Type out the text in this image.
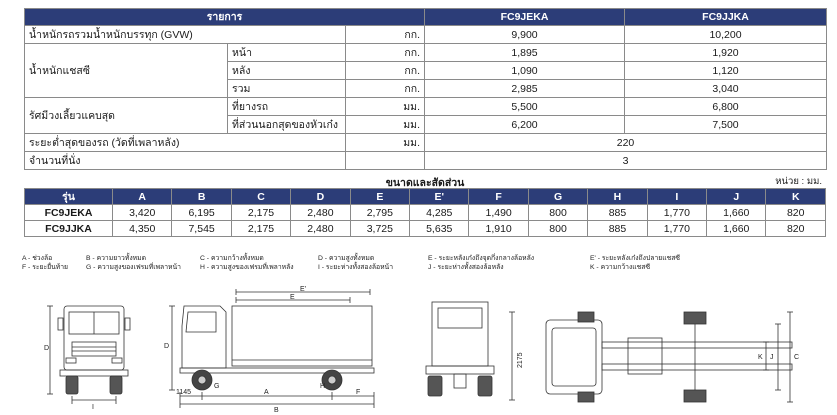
รายการ			FC9JEKA	FC9JJKA
น้ำหนักรถรวมน้ำหนักบรรทุก (GVW)		กก.	9,900	10,200
น้ำหนักแชสซี	หน้า	กก.	1,895	1,920
	หลัง	กก.	1,090	1,120
	รวม	กก.	2,985	3,040
รัศมีวงเลี้ยวแคบสุด	ที่ยางรถ	มม.	5,500	6,800
	ที่ส่วนนอกสุดของหัวเก๋ง	มม.	6,200	7,500
ระยะต่ำสุดของรถ (วัดที่เพลาหลัง)		มม.	220	
จำนวนที่นั่ง			3	
ขนาดและสัดส่วน	หน่วย : มม.
รุ่น	A	B	C	D	E	E'	F	G	H	I	J	K
FC9JEKA	3,420	6,195	2,175	2,480	2,795	4,285	1,490	800	885	1,770	1,660	820
FC9JJKA	4,350	7,545	2,175	2,480	3,725	5,635	1,910	800	885	1,770	1,660	820
A - ช่วงล้อ
F - ระยะยื่นท้าย
B - ความยาวทั้งหมด
G - ความสูงของเฟรมที่เพลาหน้า
C - ความกว้างทั้งหมด
H - ความสูงของเฟรมที่เพลาหลัง
D - ความสูงทั้งหมด
I - ระยะห่างทั้งสองล้อหน้า
E - ระยะหลังเก๋งถึงจุดกึ่งกลางล้อหลัง
J - ระยะห่างทั้งสองล้อหลัง
E' - ระยะหลังเก๋งถึงปลายแชสซี
K - ความกว้างแชสซี
D
I
E'
E
D
H
G
1145	A	F
B
2175	K J	C
